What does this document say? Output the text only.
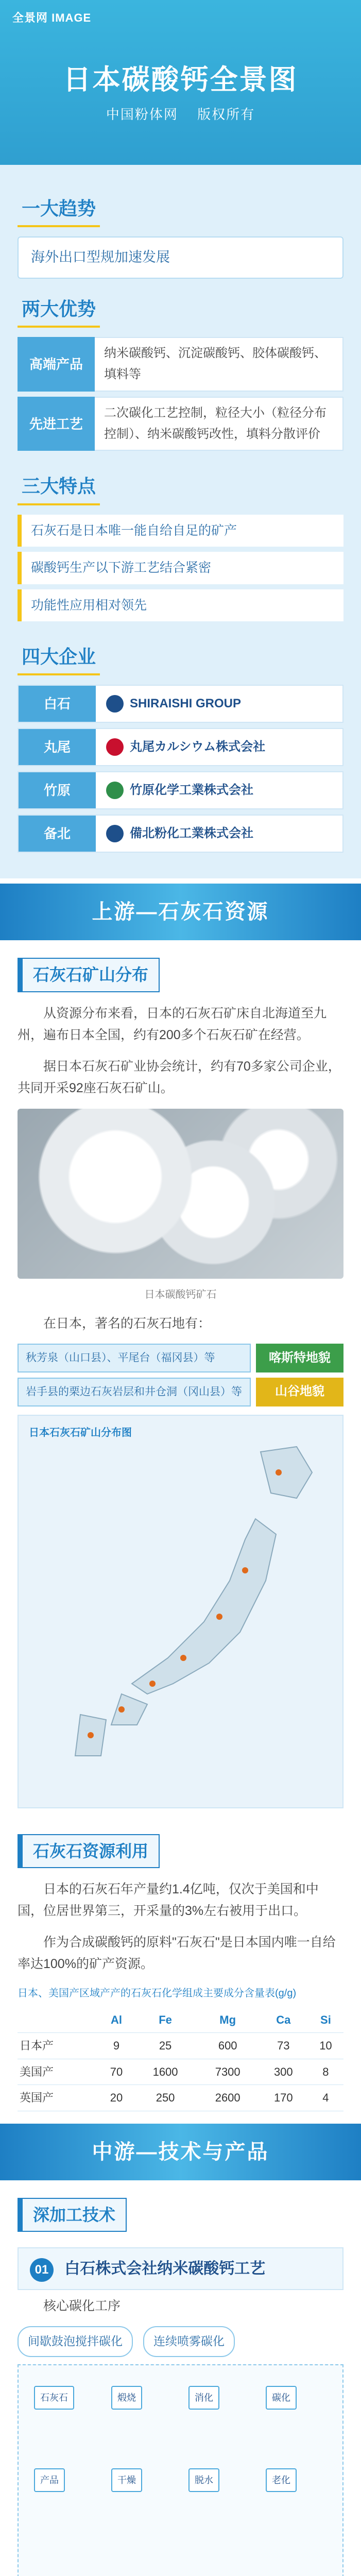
全景网 IMAGE
日本碳酸钙全景图
中国粉体网 版权所有
一大趋势
海外出口型规加速发展
两大优势
高端产品
纳米碳酸钙、沉淀碳酸钙、胶体碳酸钙、填料等
先进工艺
二次碳化工艺控制，粒径大小（粒径分布控制）、纳米碳酸钙改性，填料分散评价
三大特点
石灰石是日本唯一能自给自足的矿产
碳酸钙生产以下游工艺结合紧密
功能性应用相对领先
四大企业
白石	SHIRAISHI GROUP
丸尾	丸尾カルシウム株式会社
竹原	竹原化学工業株式会社
备北	備北粉化工業株式会社
上游—石灰石资源
石灰石矿山分布

从资源分布来看，日本的石灰石矿床自北海道至九州，遍布日本全国，约有200多个石灰石矿在经营。

据日本石灰石矿业协会统计，约有70多家公司企业，共同开采92座石灰石矿山。

日本碳酸钙矿石

在日本，著名的石灰石地有：

秋芳泉（山口县）、平尾台（福冈县）等	喀斯特地貌
岩手县的栗边石灰岩层和井仓洞（冈山县）等	山谷地貌
日本石灰石矿山分布图
石灰石资源利用

日本的石灰石年产量约1.4亿吨，仅次于美国和中国，位居世界第三，开采量的3%左右被用于出口。

作为合成碳酸钙的原料"石灰石"是日本国内唯一自给率达100%的矿产资源。

日本、美国产区域产产的石灰石化学组成主要成分含量表(g/g)
	Al	Fe	Mg	Ca	Si
日本产	9	25	600	73	10
美国产	70	1600	7300	300	8
英国产	20	250	2600	170	4
中游—技术与产品
深加工技术
01 白石株式会社纳米碳酸钙工艺

核心碳化工序

间歇鼓泡搅拌碳化	连续喷雾碳化
石灰石	煅烧	消化	碳化
老化
脱水
干燥
产品
